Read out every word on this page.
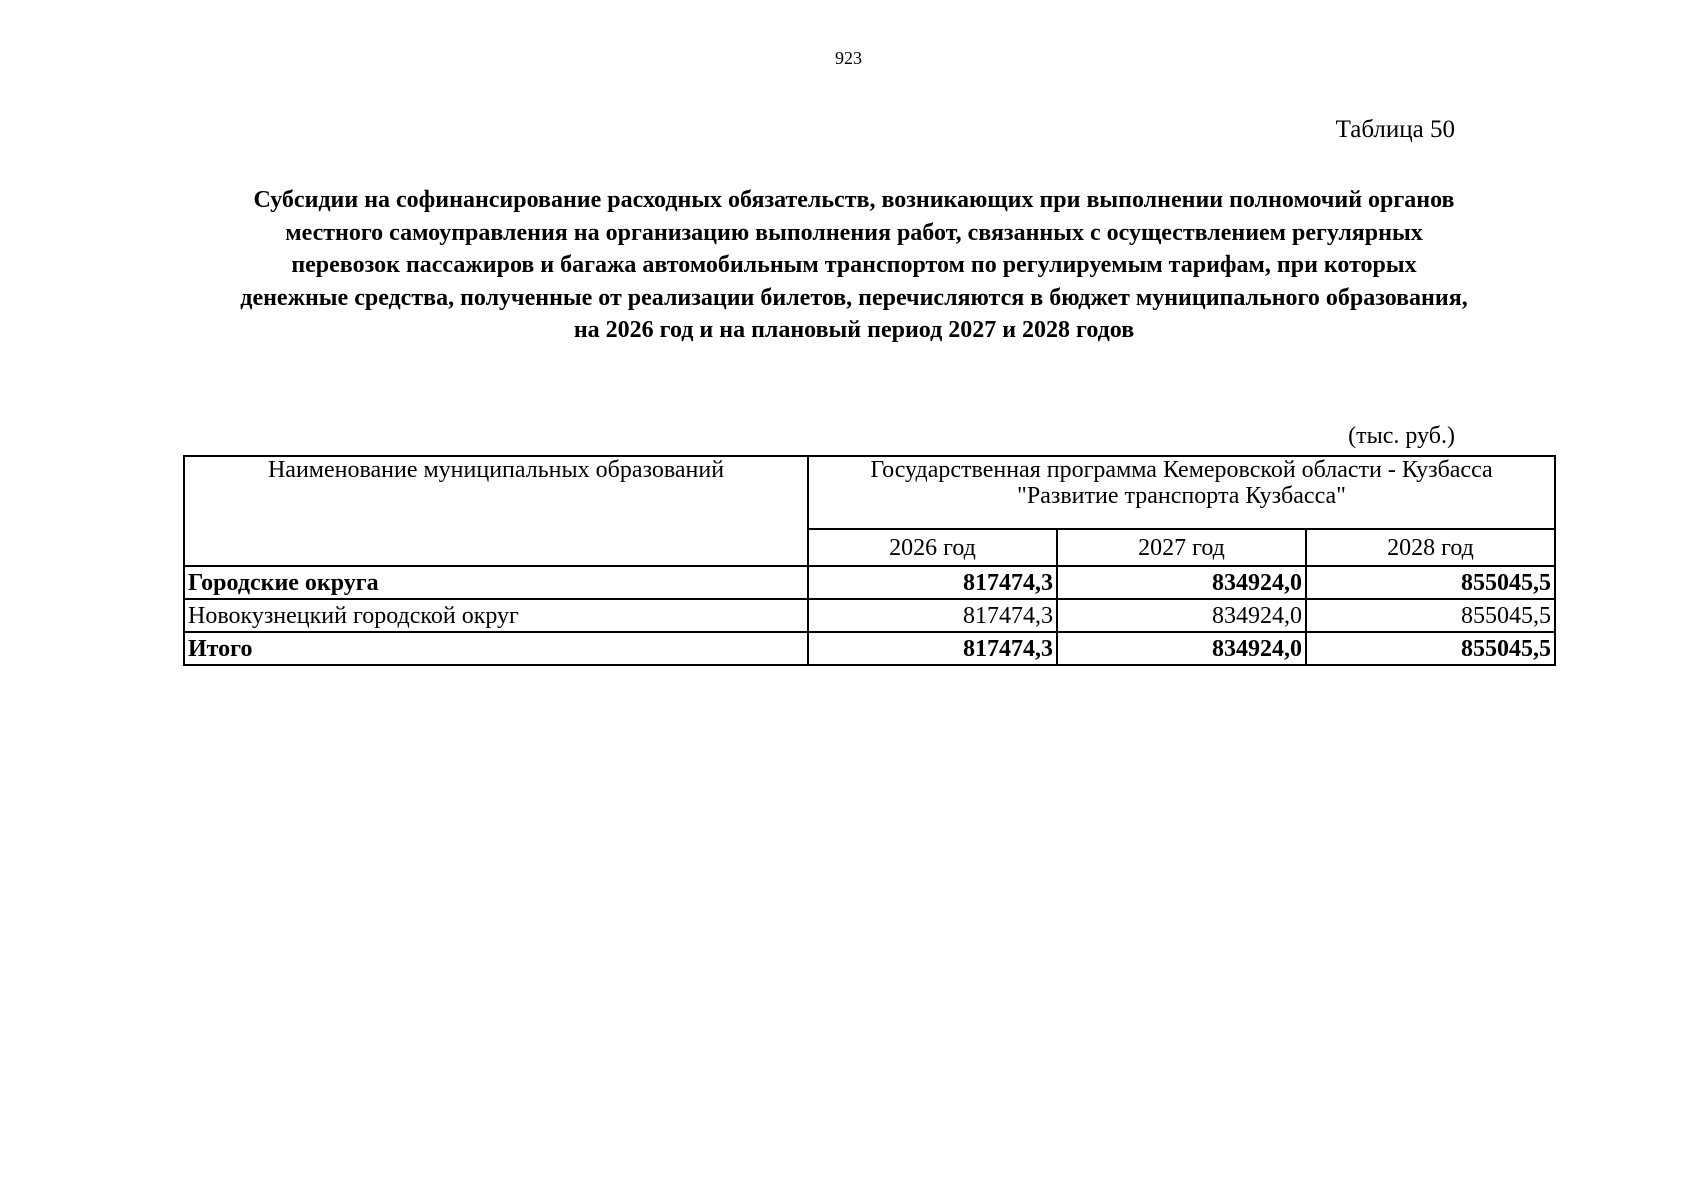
923
Таблица 50
Субсидии на софинансирование расходных обязательств, возникающих при выполнении полномочий органов
местного самоуправления на организацию выполнения работ, связанных с осуществлением регулярных
перевозок пассажиров и багажа автомобильным транспортом по регулируемым тарифам, при которых
денежные средства, полученные от реализации билетов, перечисляются в бюджет муниципального образования,
на 2026 год и на плановый период 2027 и 2028 годов
(тыс. руб.)
Наименование муниципальных образований	Государственная программа Кемеровской области - Кузбасса
"Развитие транспорта Кузбасса"		

	2026 год	2027 год	2028 год
Городские округа	817474,3	834924,0	855045,5
Новокузнецкий городской округ	817474,3	834924,0	855045,5
Итого	817474,3	834924,0	855045,5
